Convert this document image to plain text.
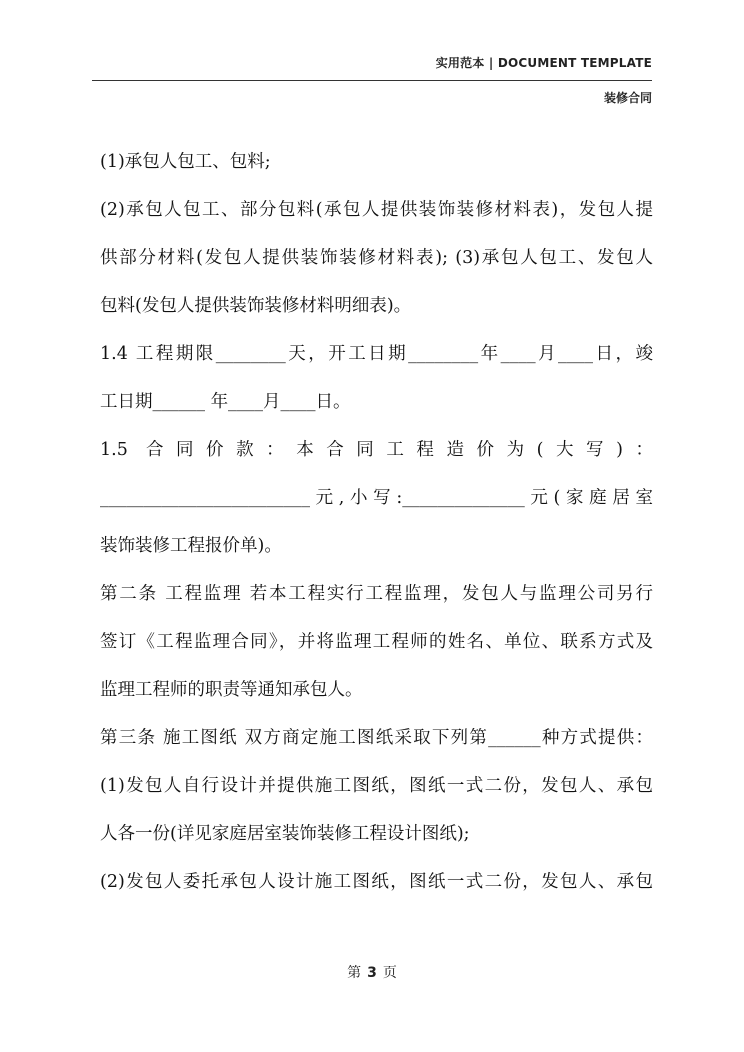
实用范本 | DOCUMENT TEMPLATE
装修合同
(1)承包人包工、包料;
(2)承包人包工、部分包料(承包人提供装饰装修材料表)，发包人提
供部分材料(发包人提供装饰装修材料表); (3)承包人包工、发包人
包料(发包人提供装饰装修材料明细表)。
1.4 工程期限________天，开工日期________年____月____日，竣
工日期______ 年____月____日。
1.5 合同价款：本合同工程造价为(大写)：
________________________元,小写:______________元(家庭居室
装饰装修工程报价单)。
第二条 工程监理 若本工程实行工程监理，发包人与监理公司另行
签订《工程监理合同》，并将监理工程师的姓名、单位、联系方式及
监理工程师的职责等通知承包人。
第三条 施工图纸 双方商定施工图纸采取下列第______种方式提供：
(1)发包人自行设计并提供施工图纸，图纸一式二份，发包人、承包
人各一份(详见家庭居室装饰装修工程设计图纸);
(2)发包人委托承包人设计施工图纸，图纸一式二份，发包人、承包
第 3 页
